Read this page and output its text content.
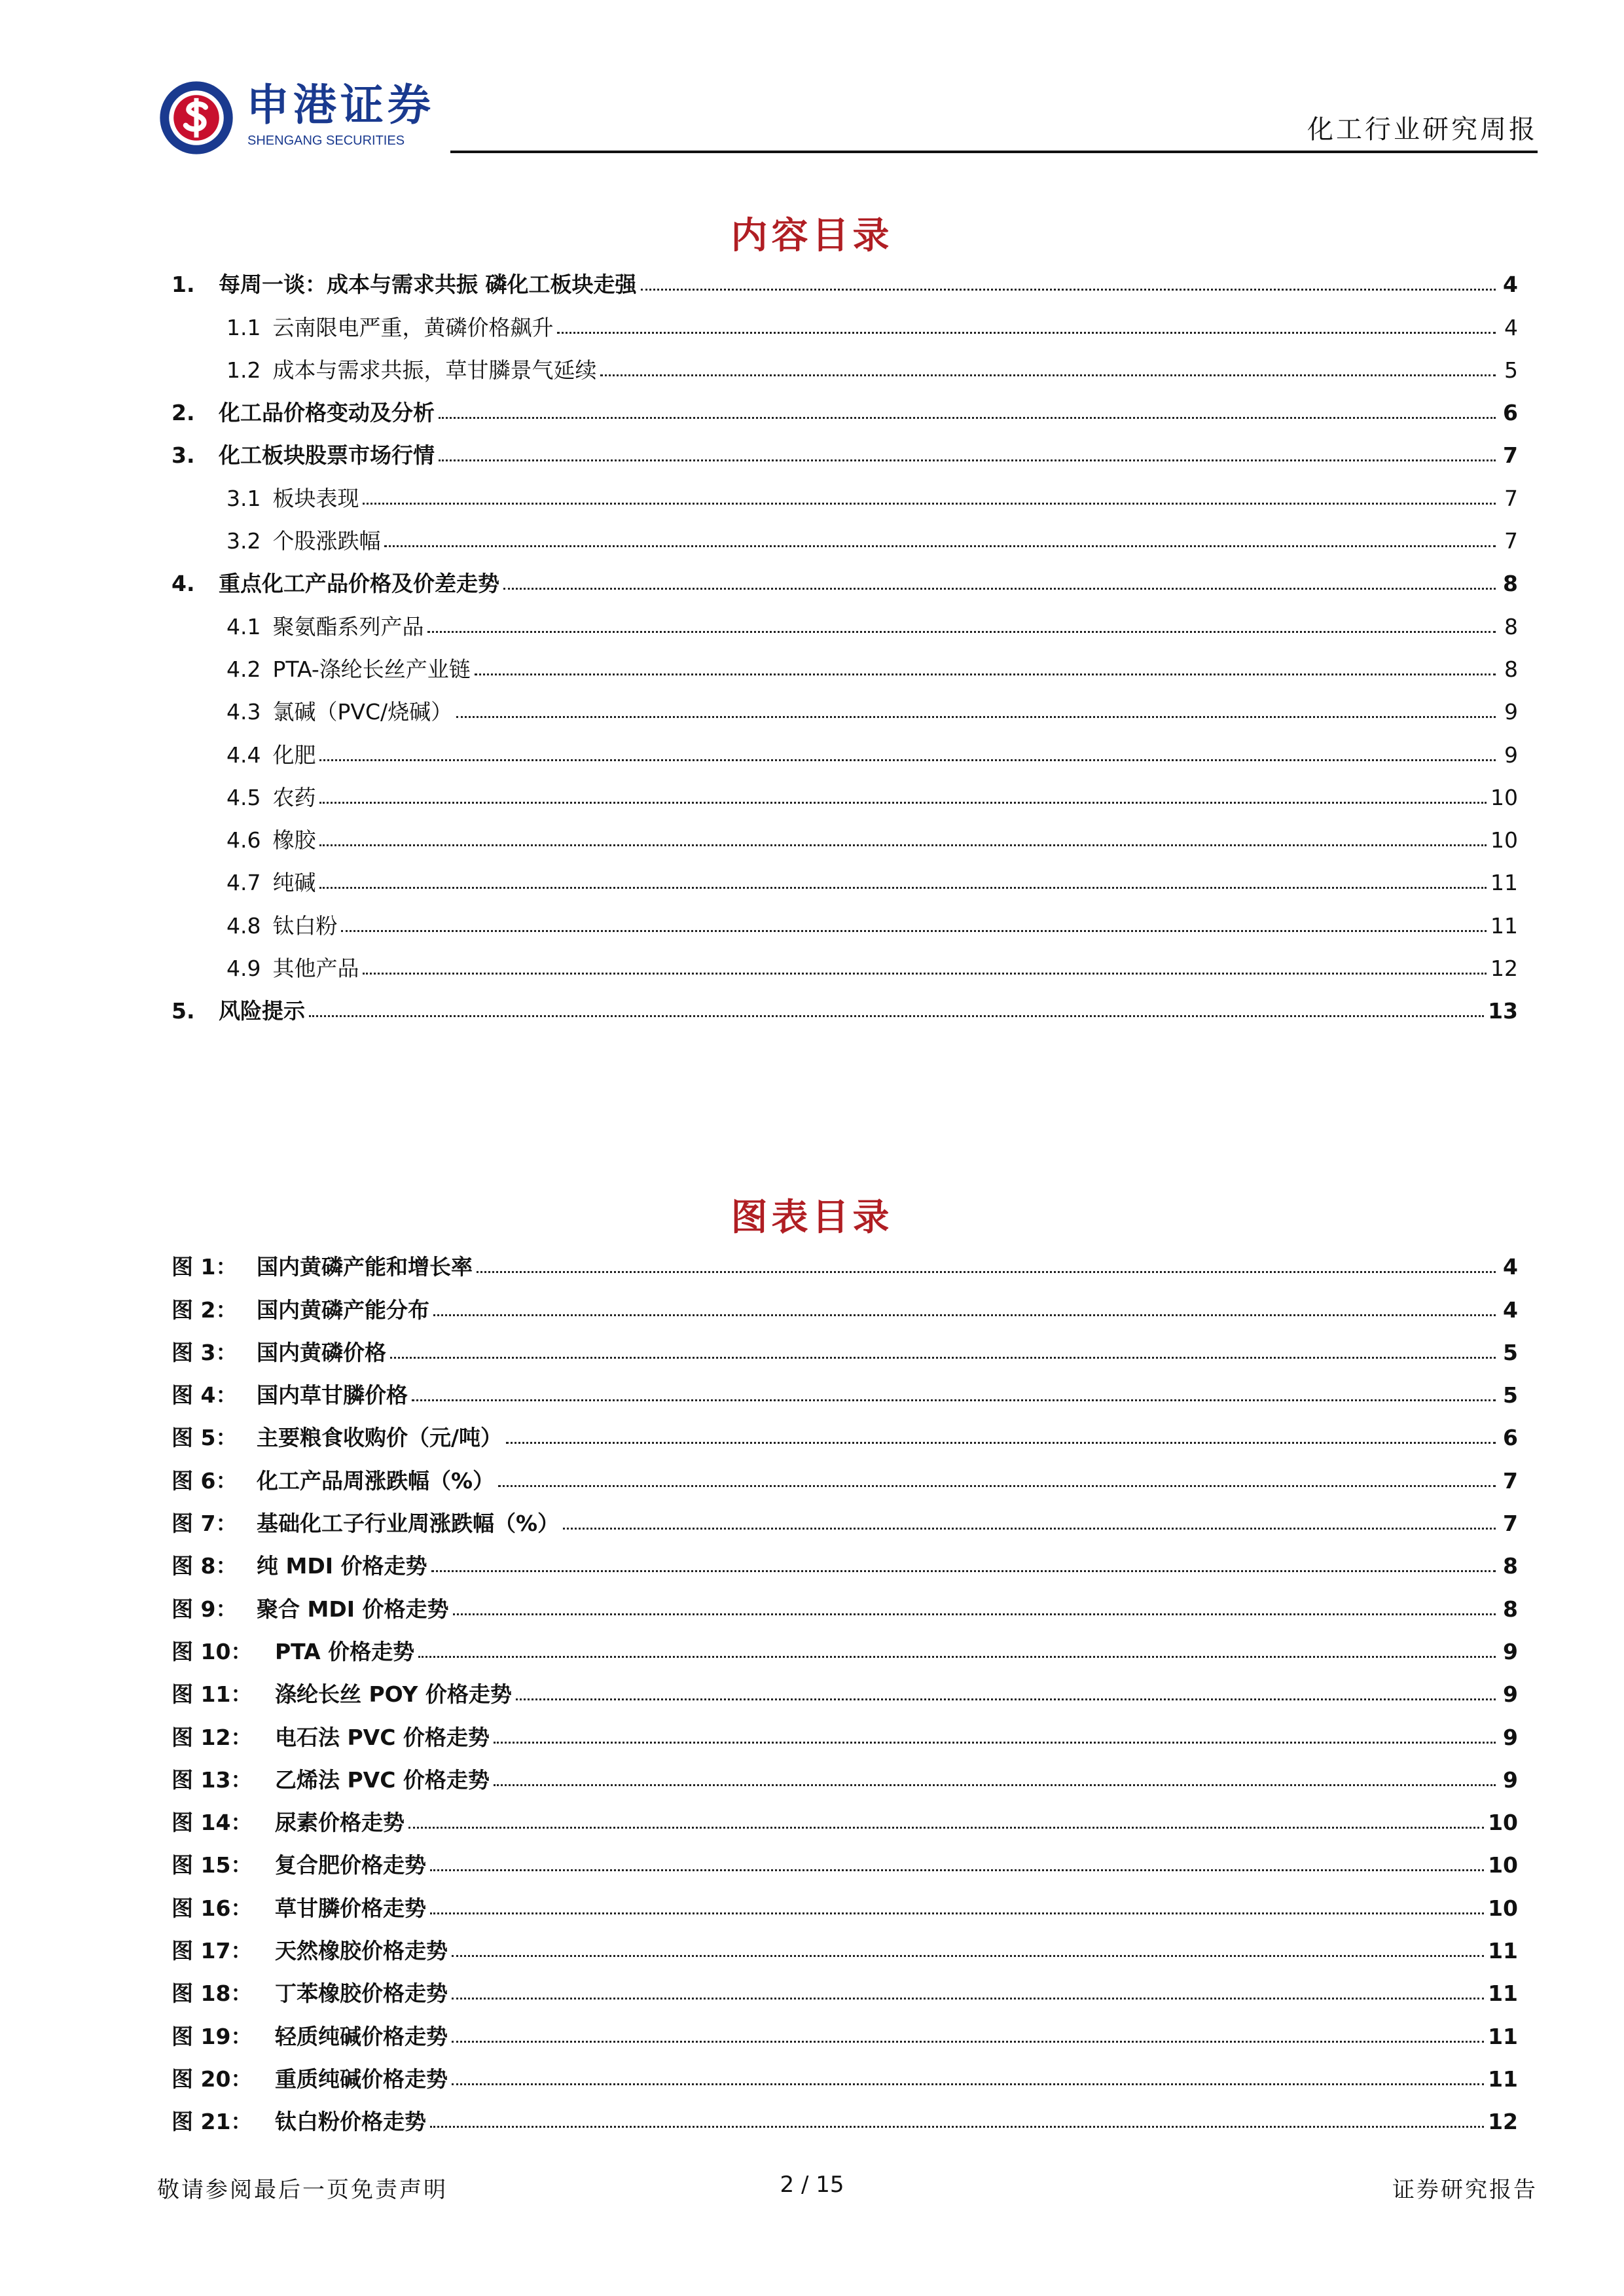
申港证券
SHENGANG SECURITIES	化工行业研究周报
内容目录
1.	每周一谈：成本与需求共振 磷化工板块走强	4
1.1 云南限电严重，黄磷价格飙升	4
1.2 成本与需求共振，草甘膦景气延续	5
2.	化工品价格变动及分析	6
3.	化工板块股票市场行情	7
3.1 板块表现	7
3.2 个股涨跌幅	7
4.	重点化工产品价格及价差走势	8
4.1 聚氨酯系列产品	8
4.2 PTA-涤纶长丝产业链	8
4.3 氯碱（PVC/烧碱）	9
4.4 化肥	9
4.5 农药	10
4.6 橡胶	10
4.7 纯碱	11
4.8 钛白粉	11
4.9 其他产品	12
5.	风险提示	13
图表目录
图 1： 国内黄磷产能和增长率	4
图 2： 国内黄磷产能分布	4
图 3： 国内黄磷价格	5
图 4： 国内草甘膦价格	5
图 5： 主要粮食收购价（元/吨）	6
图 6： 化工产品周涨跌幅（%）	7
图 7： 基础化工子行业周涨跌幅（%）	7
图 8： 纯 MDI 价格走势	8
图 9： 聚合 MDI 价格走势	8
图 10：	PTA 价格走势	9
图 11：	涤纶长丝 POY 价格走势	9
图 12：	电石法 PVC 价格走势	9
图 13：	乙烯法 PVC 价格走势	9
图 14：	尿素价格走势	10
图 15：	复合肥价格走势	10
图 16：	草甘膦价格走势	10
图 17：	天然橡胶价格走势	11
图 18：	丁苯橡胶价格走势	11
图 19：	轻质纯碱价格走势	11
图 20：	重质纯碱价格走势	11
图 21：	钛白粉价格走势	12
敬请参阅最后一页免责声明	2 / 15	证券研究报告
